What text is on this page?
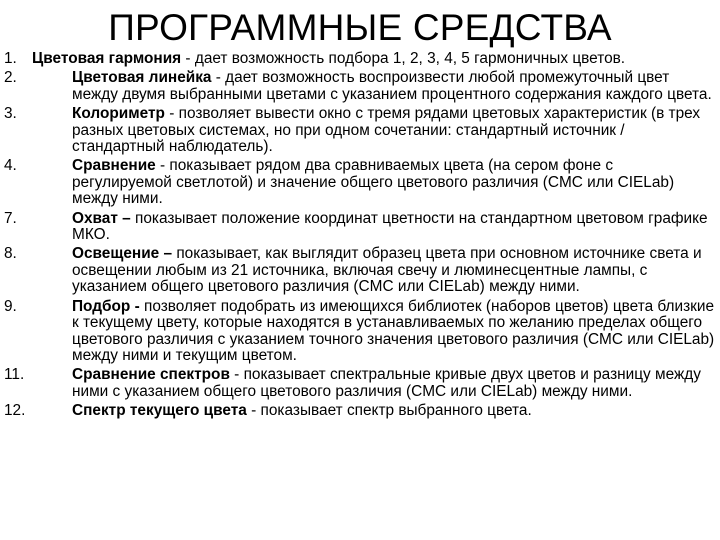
ПРОГРАММНЫЕ СРЕДСТВА
1. Цветовая гармония - дает возможность подбора 1, 2, 3, 4, 5 гармоничных цветов.
2.	Цветовая линейка - дает возможность воспроизвести любой промежуточный цвет между двумя выбранными цветами с указанием процентного содержания каждого цвета.
3.	Колориметр - позволяет вывести окно с тремя рядами цветовых характеристик (в трех разных цветовых системах, но при одном сочетании: стандартный источник /стандартный наблюдатель).
4.	Сравнение - показывает рядом два сравниваемых цвета (на сером фоне с регулируемой светлотой) и значение общего цветового различия (CMC или CIELab) между ними.
7.	Охват – показывает положение координат цветности на стандартном цветовом графике МКО.
8.	Освещение – показывает, как выглядит образец цвета при основном источнике света и освещении любым из 21 источника, включая свечу и люминесцентные лампы, с указанием общего цветового различия (CMC или CIELab) между ними.
9.	Подбор - позволяет подобрать из имеющихся библиотек (наборов цветов) цвета близкие к текущему цвету, которые находятся в устанавливаемых по желанию пределах общего цветового различия с указанием точного значения цветового различия (CMC или CIELab) между ними и текущим цветом.
11.	Сравнение спектров - показывает спектральные кривые двух цветов и разницу между ними с указанием общего цветового различия (CMC или CIELab) между ними.
12.	Спектр текущего цвета - показывает спектр выбранного цвета.
